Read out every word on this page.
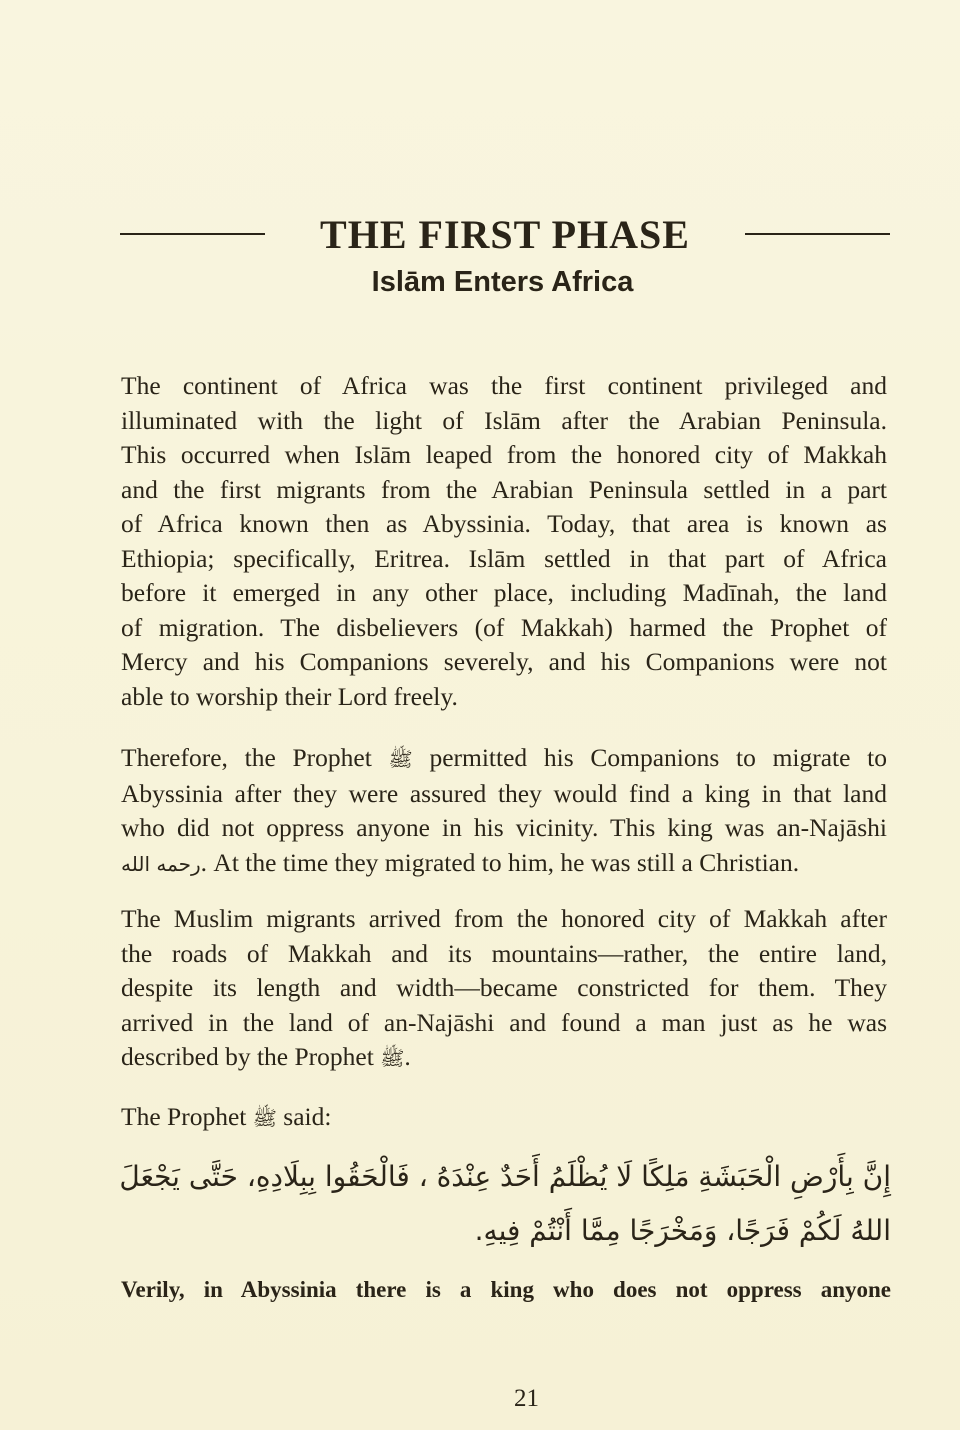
THE FIRST PHASE
Islām Enters Africa
The continent of Africa was the first continent privileged and
illuminated with the light of Islām after the Arabian Peninsula.
This occurred when Islām leaped from the honored city of Makkah
and the first migrants from the Arabian Peninsula settled in a part
of Africa known then as Abyssinia. Today, that area is known as
Ethiopia; specifically, Eritrea. Islām settled in that part of Africa
before it emerged in any other place, including Madīnah, the land
of migration. The disbelievers (of Makkah) harmed the Prophet of
Mercy and his Companions severely, and his Companions were not
able to worship their Lord freely.
Therefore, the Prophet ﷺ permitted his Companions to migrate to
Abyssinia after they were assured they would find a king in that land
who did not oppress anyone in his vicinity. This king was an-Najāshi
رحمه الله. At the time they migrated to him, he was still a Christian.
The Muslim migrants arrived from the honored city of Makkah after
the roads of Makkah and its mountains—rather, the entire land,
despite its length and width—became constricted for them. They
arrived in the land of an-Najāshi and found a man just as he was
described by the Prophet ﷺ.
The Prophet ﷺ said:
إِنَّ بِأَرْضِ الْحَبَشَةِ مَلِكًا لَا يُظْلَمُ أَحَدٌ عِنْدَهُ ، فَالْحَقُوا بِبِلَادِهِ، حَتَّى يَجْعَلَ
اللهُ لَكُمْ فَرَجًا، وَمَخْرَجًا مِمَّا أَنْتُمْ فِيهِ.
Verily, in Abyssinia there is a king who does not oppress anyone
21
